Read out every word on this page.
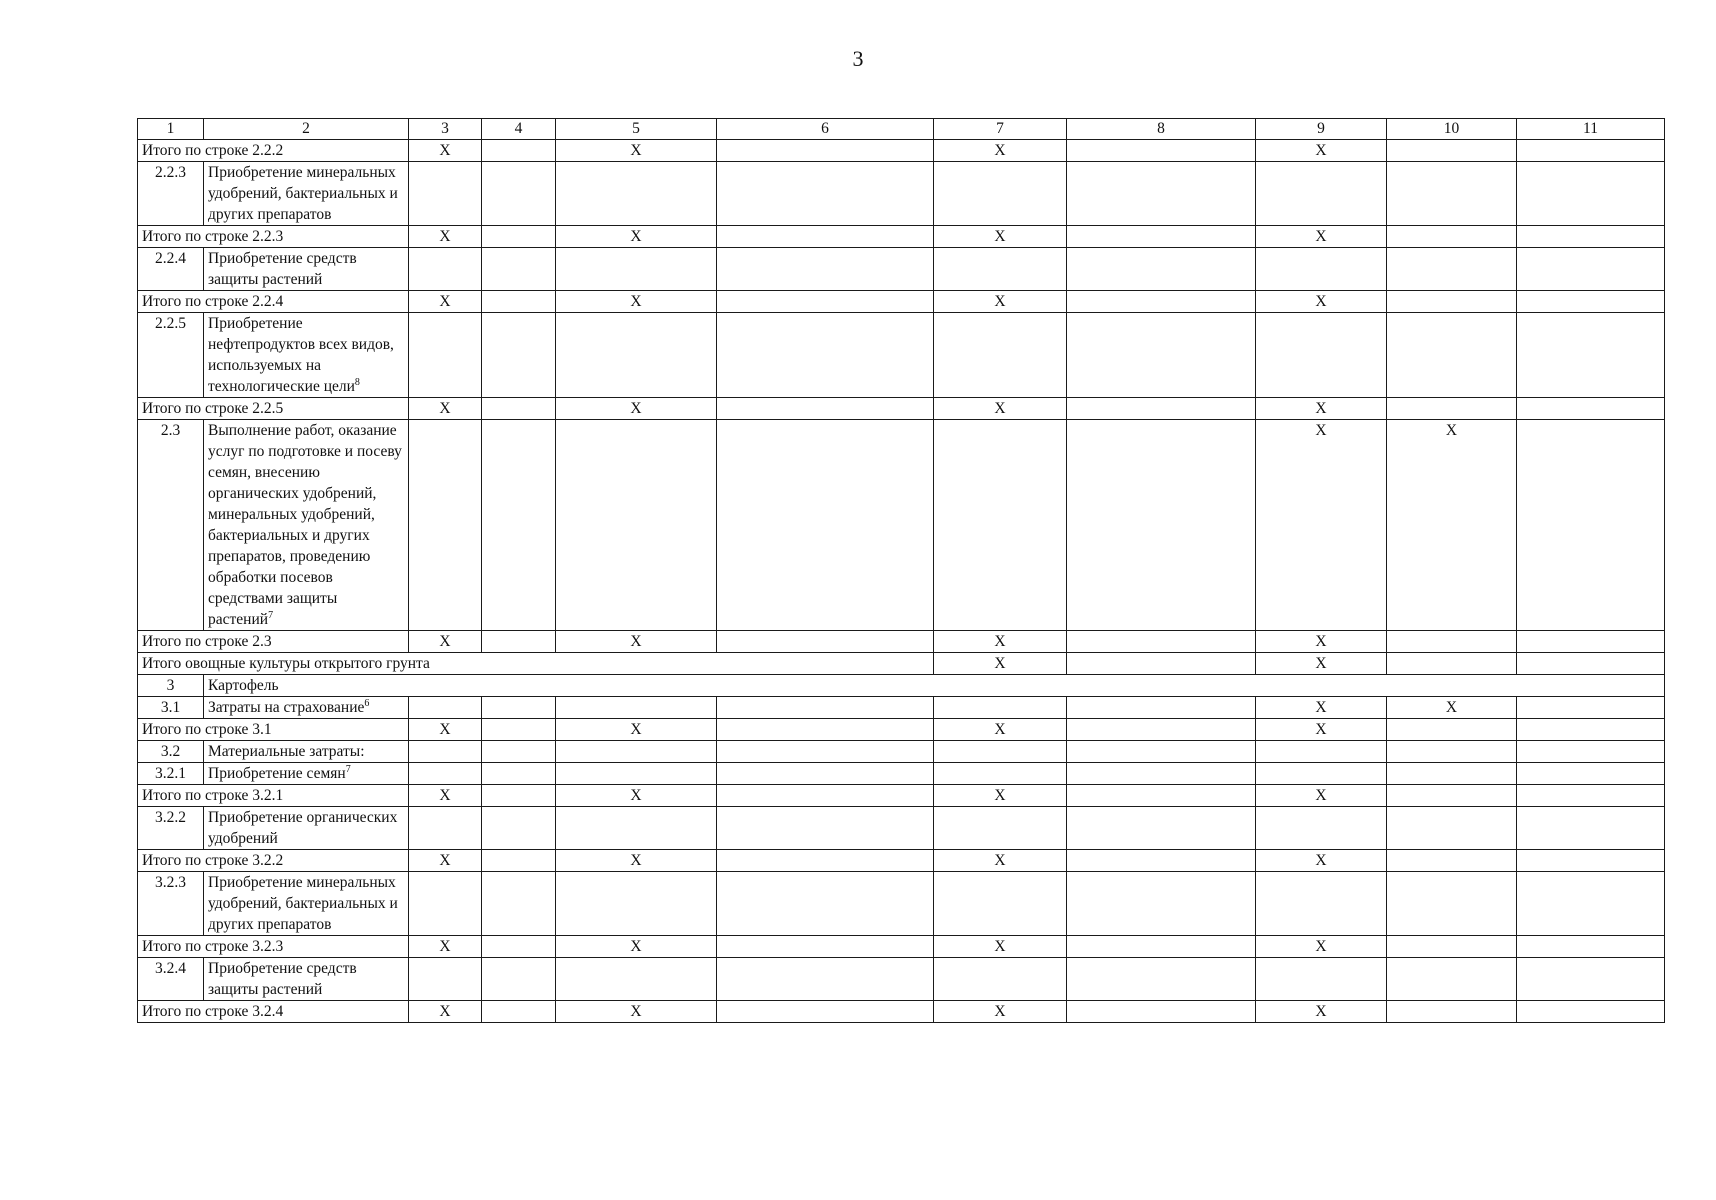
3
1	2	3	4	5	6	7	8	9	10	11
Итого по строке 2.2.2		X		X		X		X		
2.2.3	Приобретение минеральных удобрений, бактериальных и других препаратов									
Итого по строке 2.2.3		X		X		X		X		
2.2.4	Приобретение средств защиты растений									
Итого по строке 2.2.4		X		X		X		X		
2.2.5	Приобретение нефтепродуктов всех видов, используемых на технологические цели$^8$									
Итого по строке 2.2.5		X		X		X		X		
2.3	Выполнение работ, оказание услуг по подготовке и посеву семян, внесению органических удобрений, минеральных удобрений, бактериальных и других препаратов, проведению обработки посевов средствами защиты растений$^7$							X	X	
Итого по строке 2.3		X		X		X		X		
Итого овощные культуры открытого грунта						X		X		
3	Картофель									
3.1	Затраты на страхование$^6$							X	X	
Итого по строке 3.1		X		X		X		X		
3.2	Материальные затраты:									
3.2.1	Приобретение семян$^7$									
Итого по строке 3.2.1		X		X		X		X		
3.2.2	Приобретение органических удобрений									
Итого по строке 3.2.2		X		X		X		X		
3.2.3	Приобретение минеральных удобрений, бактериальных и других препаратов									
Итого по строке 3.2.3		X		X		X		X		
3.2.4	Приобретение средств защиты растений									
Итого по строке 3.2.4		X		X		X		X		
